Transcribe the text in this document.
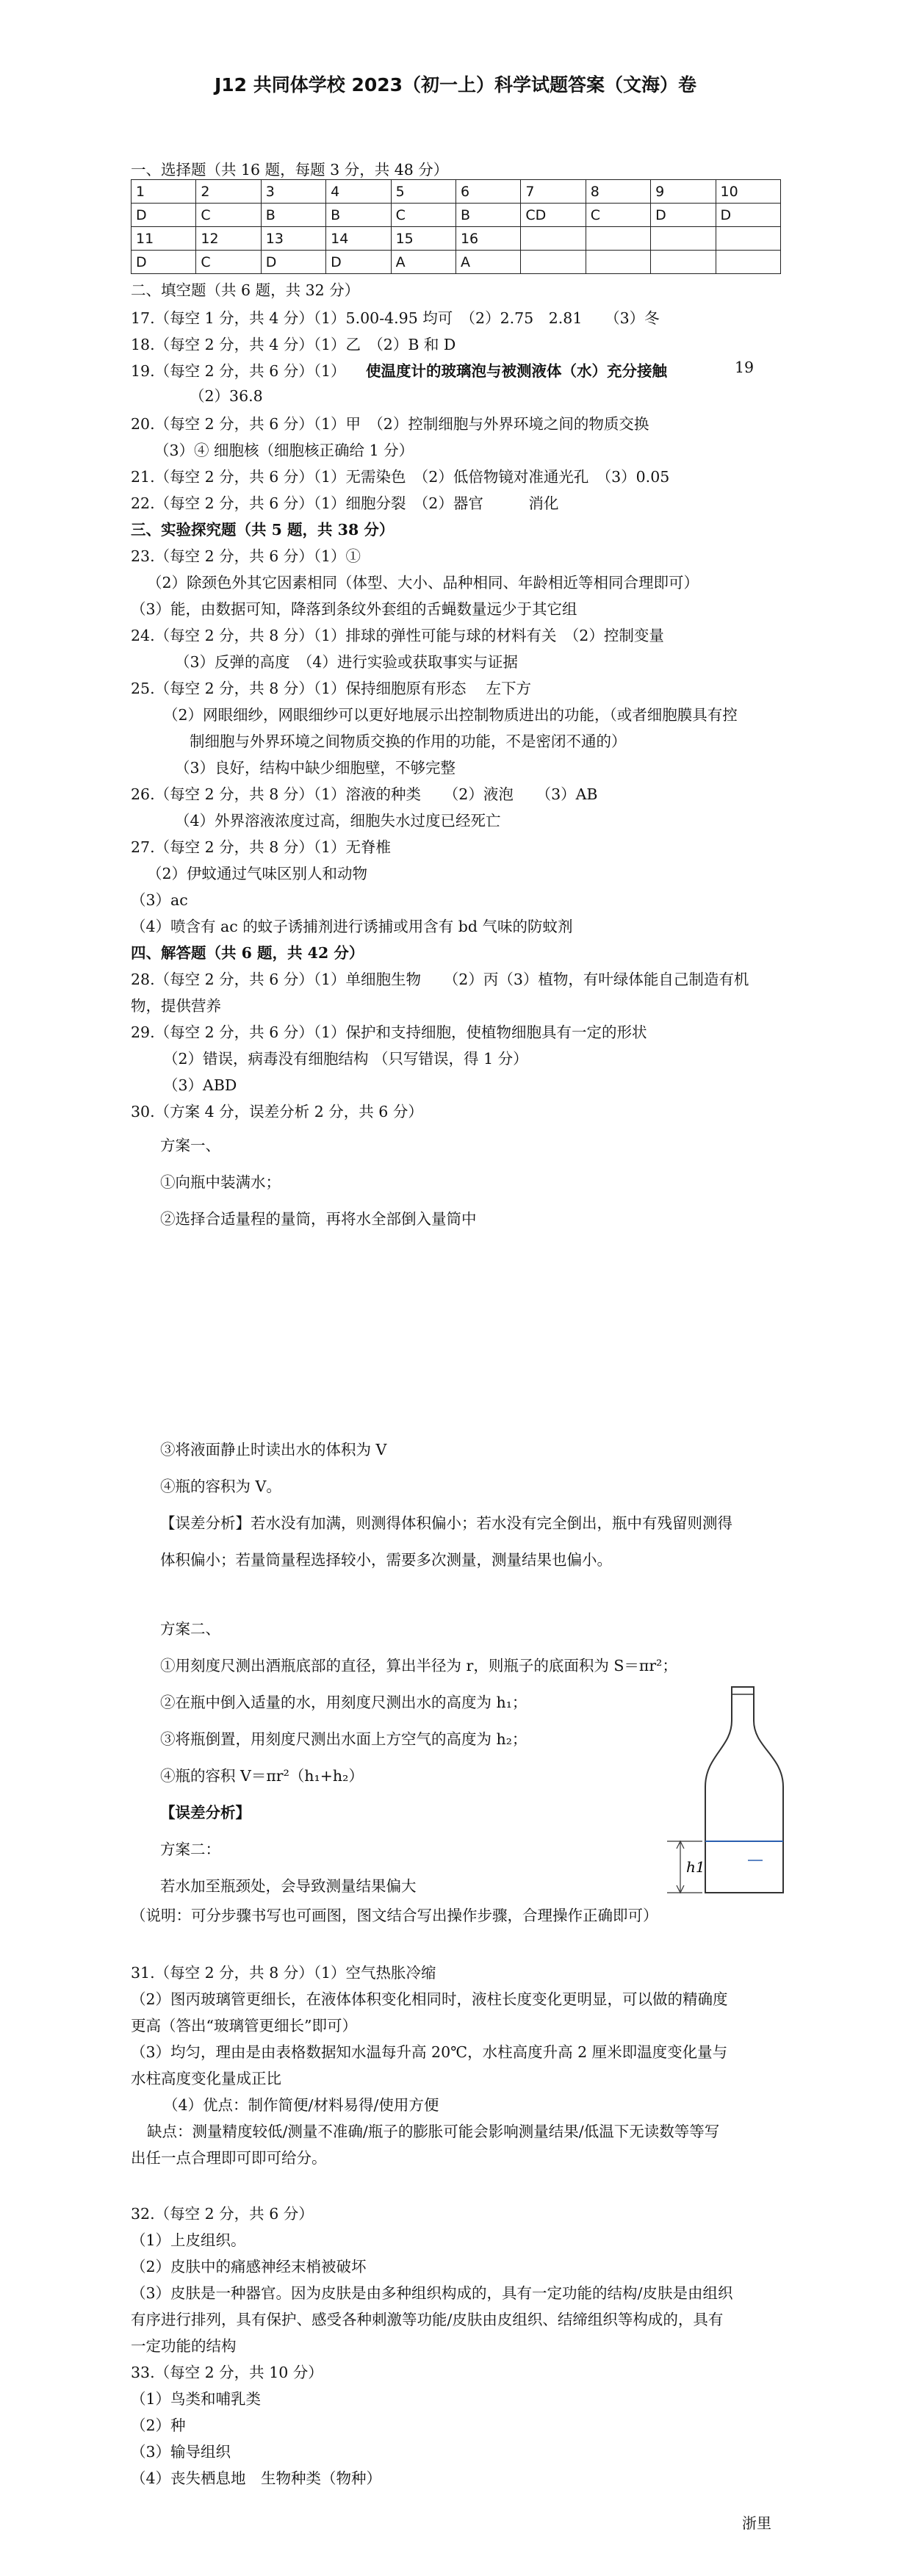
J12 共同体学校 2023（初一上）科学试题答案（文海）卷
一、选择题（共 16 题，每题 3 分，共 48 分）
1	2	3	4	5	6	7	8	9	10
D	C	B	B	C	B	CD	C	D	D
11	12	13	14	15	16				
D	C	D	D	A	A				
二、填空题（共 6 题，共 32 分）
17.（每空 1 分，共 4 分）（1）5.00-4.95 均可　（2）2.75　2.81　　（3）冬
18.（每空 2 分，共 4 分）（1）乙　（2）B 和 D
19.（每空 2 分，共 6 分）（1） 使温度计的玻璃泡与被测液体（水）充分接触	19
（2）36.8
20.（每空 2 分，共 6 分）（1）甲　（2）控制细胞与外界环境之间的物质交换
（3）④ 细胞核（细胞核正确给 1 分）
21.（每空 2 分，共 6 分）（1）无需染色　（2）低倍物镜对准通光孔　（3）0.05
22.（每空 2 分，共 6 分）（1）细胞分裂　（2）器官　　　消化
三、实验探究题（共 5 题，共 38 分）
23.（每空 2 分，共 6 分）（1）①
（2）除颈色外其它因素相同（体型、大小、品种相同、年龄相近等相同合理即可）
（3）能，由数据可知，降落到条纹外套组的舌蝇数量远少于其它组
24.（每空 2 分，共 8 分）（1）排球的弹性可能与球的材料有关　（2）控制变量
（3）反弹的高度　（4）进行实验或获取事实与证据
25.（每空 2 分，共 8 分）（1）保持细胞原有形态　 左下方
（2）网眼细纱，网眼细纱可以更好地展示出控制物质进出的功能，（或者细胞膜具有控
制细胞与外界环境之间物质交换的作用的功能，不是密闭不通的）
（3）良好，结构中缺少细胞壁，不够完整
26.（每空 2 分，共 8 分）（1）溶液的种类　　（2）液泡　　（3）AB
（4）外界溶液浓度过高，细胞失水过度已经死亡
27.（每空 2 分，共 8 分）（1）无脊椎
（2）伊蚊通过气味区别人和动物
（3）ac
（4）喷含有 ac 的蚊子诱捕剂进行诱捕或用含有 bd 气味的防蚊剂
四、解答题（共 6 题，共 42 分）
28.（每空 2 分，共 6 分）（1）单细胞生物　　（2）丙（3）植物，有叶绿体能自己制造有机
物，提供营养
29.（每空 2 分，共 6 分）（1）保护和支持细胞，使植物细胞具有一定的形状
（2）错误，病毒没有细胞结构 （只写错误，得 1 分）
（3）ABD
30.（方案 4 分，误差分析 2 分，共 6 分）
方案一、
①向瓶中装满水；
②选择合适量程的量筒，再将水全部倒入量筒中
③将液面静止时读出水的体积为 V
④瓶的容积为 V。
【误差分析】若水没有加满，则测得体积偏小；若水没有完全倒出，瓶中有残留则测得
体积偏小；若量筒量程选择较小，需要多次测量，测量结果也偏小。
方案二、
①用刻度尺测出酒瓶底部的直径，算出半径为 r，则瓶子的底面积为 S＝πr²；
②在瓶中倒入适量的水，用刻度尺测出水的高度为 h₁；
③将瓶倒置，用刻度尺测出水面上方空气的高度为 h₂；
④瓶的容积 V＝πr²（h₁+h₂）
【误差分析】
方案二：
若水加至瓶颈处，会导致测量结果偏大
（说明：可分步骤书写也可画图，图文结合写出操作步骤，合理操作正确即可）
31.（每空 2 分，共 8 分）（1）空气热胀冷缩
（2）图丙玻璃管更细长，在液体体积变化相同时，液柱长度变化更明显，可以做的精确度
更高（答出“玻璃管更细长”即可）
（3）均匀，理由是由表格数据知水温每升高 20℃，水柱高度升高 2 厘米即温度变化量与
水柱高度变化量成正比
（4）优点：制作简便/材料易得/使用方便
缺点：测量精度较低/测量不准确/瓶子的膨胀可能会影响测量结果/低温下无读数等等写
出任一点合理即可即可给分。
32.（每空 2 分，共 6 分）
（1）上皮组织。
（2）皮肤中的痛感神经末梢被破坏
（3）皮肤是一种器官。因为皮肤是由多种组织构成的，具有一定功能的结构/皮肤是由组织
有序进行排列，具有保护、感受各种刺激等功能/皮肤由皮组织、结缔组织等构成的，具有
一定功能的结构
33.（每空 2 分，共 10 分）
（1）鸟类和哺乳类
（2）种
（3）输导组织
（4）丧失栖息地　生物种类（物种）
h1
浙里
